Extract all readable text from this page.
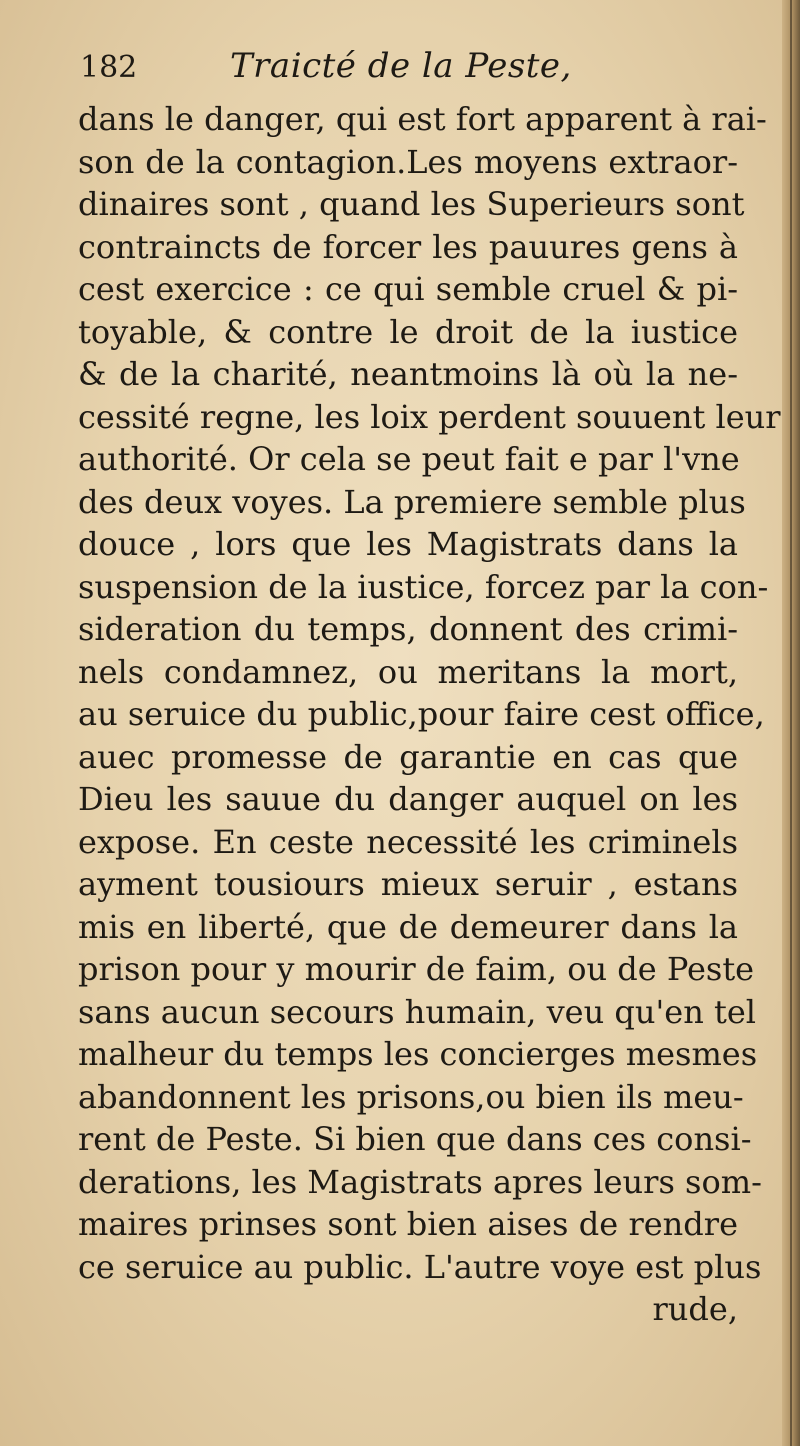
182	Traicté de la Peste,
dans le danger, qui est fort apparent à rai-
son de la contagion.Les moyens extraor-
dinaires sont , quand les Superieurs sont
contraincts de forcer les pauures gens à
cest exercice : ce qui semble cruel & pi-
toyable, & contre le droit de la iustice
& de la charité, neantmoins là où la ne-
cessité regne, les loix perdent souuent leur
authorité. Or cela se peut fait e par l'vne
des deux voyes. La premiere semble plus
douce , lors que les Magistrats dans la
suspension de la iustice, forcez par la con-
sideration du temps, donnent des crimi-
nels condamnez, ou meritans la mort,
au seruice du public,pour faire cest office,
auec promesse de garantie en cas que
Dieu les sauue du danger auquel on les
expose. En ceste necessité les criminels
ayment tousiours mieux seruir , estans
mis en liberté, que de demeurer dans la
prison pour y mourir de faim, ou de Peste
sans aucun secours humain, veu qu'en tel
malheur du temps les concierges mesmes
abandonnent les prisons,ou bien ils meu-
rent de Peste. Si bien que dans ces consi-
derations, les Magistrats apres leurs som-
maires prinses sont bien aises de rendre
ce seruice au public. L'autre voye est plus
rude,
